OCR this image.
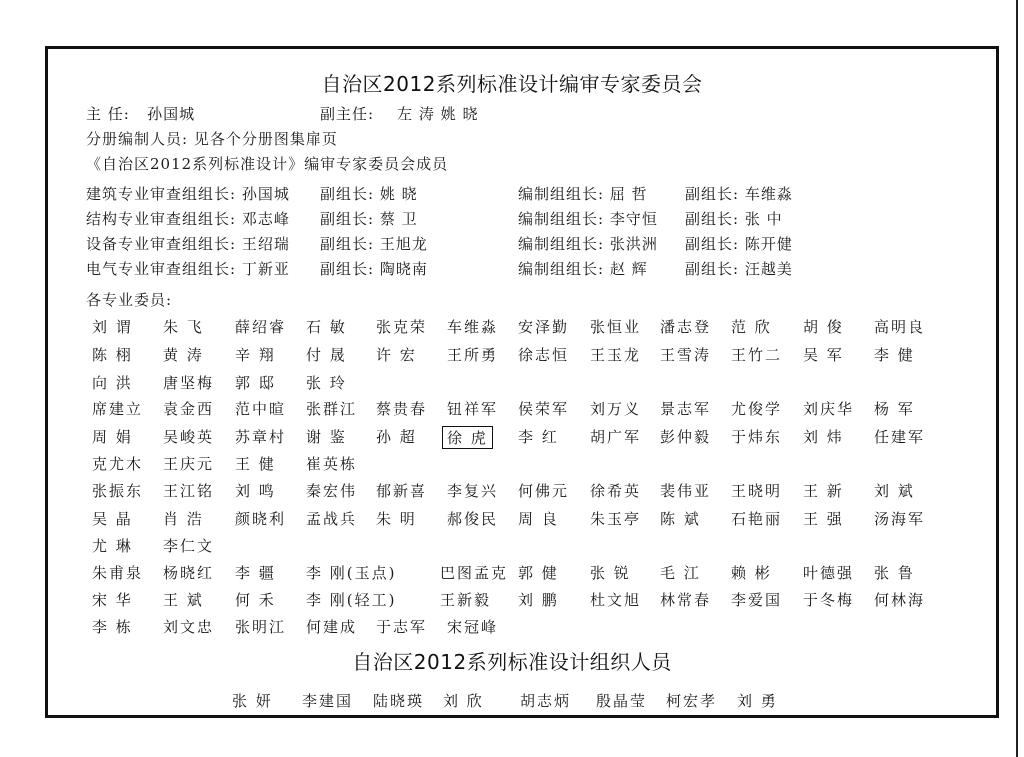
自治区2012系列标准设计编审专家委员会
主 任: 孙国城	副主任: 左 涛 姚 晓
分册编制人员: 见各个分册图集扉页
《自治区2012系列标准设计》编审专家委员会成员
建筑专业审查组组长: 孙国城 副组长: 姚 晓	编制组组长: 屈 哲 副组长: 车维淼
结构专业审查组组长: 邓志峰 副组长: 蔡 卫	编制组组长: 李守恒 副组长: 张 中
设备专业审查组组长: 王绍瑞 副组长: 王旭龙	编制组组长: 张洪洲 副组长: 陈开健
电气专业审查组组长: 丁新亚 副组长: 陶晓南	编制组组长: 赵 辉 副组长: 汪越美
各专业委员:
刘 谓 朱 飞 薛绍睿 石 敏 张克荣 车维淼 安泽勤 张恒业 潘志登 范 欣 胡 俊 高明良
陈 栩 黄 涛 辛 翔 付 晟 许 宏 王所勇 徐志恒 王玉龙 王雪涛 王竹二 吴 军 李 健
向 洪 唐坚梅 郭 邸 张 玲
席建立 袁金西 范中暄 张群江 蔡贵春 钮祥军 侯荣军 刘万义 景志军 尤俊学 刘庆华 杨 军
周 娟 吴峻英 苏章村 谢 鉴 孙 超	徐 虎	李 红 胡广军 彭仲毅 于炜东 刘 炜 任建军
克尤木 王庆元 王 健 崔英栋
张振东 王江铭 刘 鸣 秦宏伟 郁新喜 李复兴 何佛元 徐希英 裴伟亚 王晓明 王 新 刘 斌
吴 晶 肖 浩 颜晓利 孟战兵 朱 明 郝俊民 周 良 朱玉亭 陈 斌 石艳丽 王 强 汤海军
尤 琳 李仁文
朱甫泉 杨晓红 李 疆 李 刚(玉点)	巴图孟克 郭 健 张 锐 毛 江 赖 彬 叶德强 张 鲁
宋 华 王 斌 何 禾 李 刚(轻工)	王新毅 刘 鹏 杜文旭 林常春 李爱国 于冬梅 何林海
李 栋 刘文忠 张明江 何建成 于志军 宋冠峰
自治区2012系列标准设计组织人员
张 妍 李建国 陆晓瑛 刘 欣 胡志炳 殷晶莹 柯宏孝 刘 勇
